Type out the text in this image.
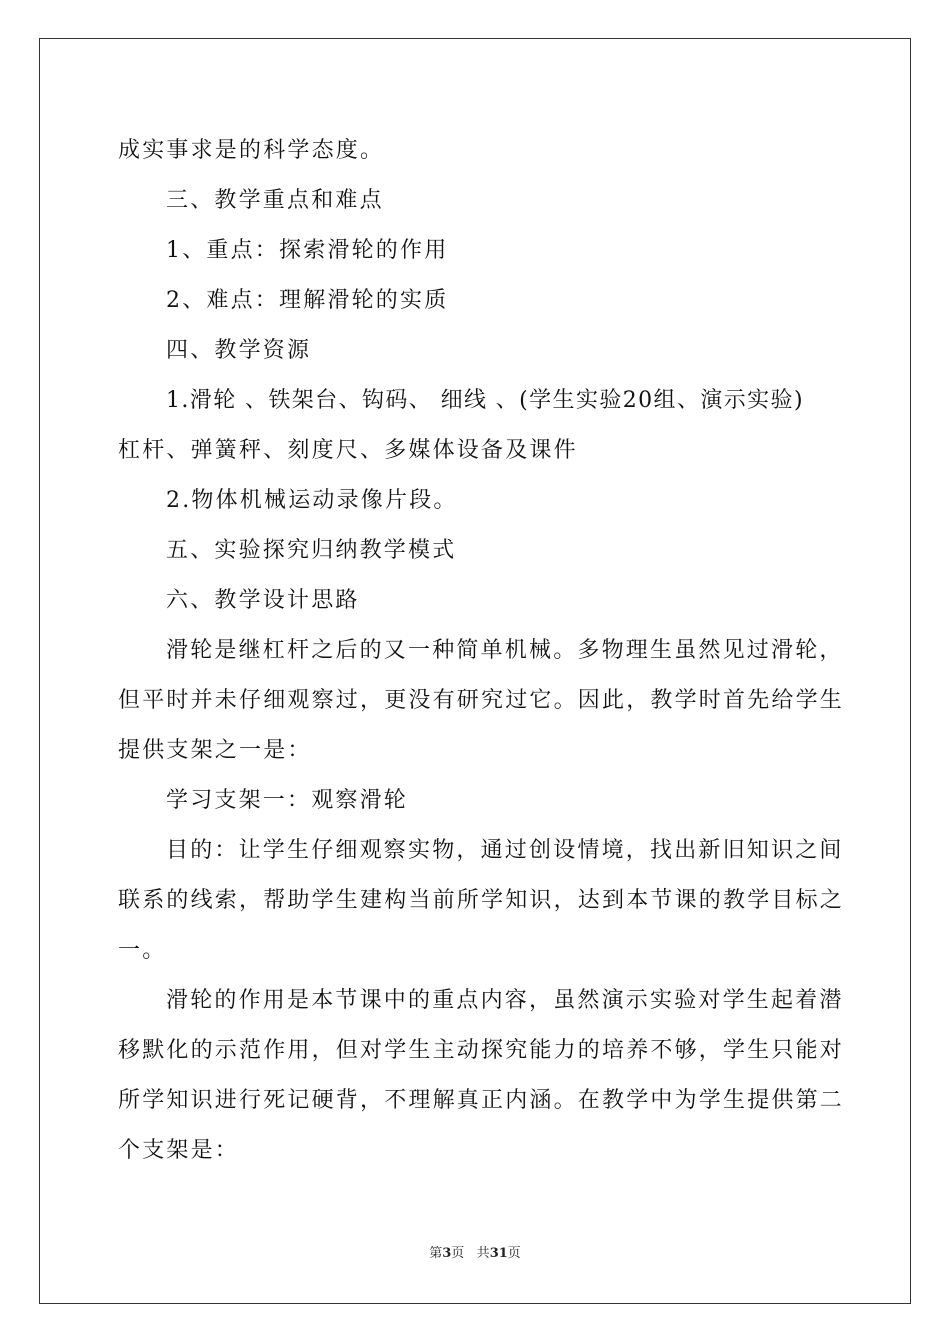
成实事求是的科学态度。
三、教学重点和难点
1、重点：探索滑轮的作用
2、难点：理解滑轮的实质
四、教学资源
1.滑轮 、铁架台、钩码、 细线 、(学生实验20组、演示实验)
杠杆、弹簧秤、刻度尺、多媒体设备及课件
2.物体机械运动录像片段。
五、实验探究归纳教学模式
六、教学设计思路
滑轮是继杠杆之后的又一种简单机械。多物理生虽然见过滑轮，
但平时并未仔细观察过，更没有研究过它。因此，教学时首先给学生
提供支架之一是：
学习支架一：观察滑轮
目的：让学生仔细观察实物，通过创设情境，找出新旧知识之间
联系的线索，帮助学生建构当前所学知识，达到本节课的教学目标之
一。
滑轮的作用是本节课中的重点内容，虽然演示实验对学生起着潜
移默化的示范作用，但对学生主动探究能力的培养不够，学生只能对
所学知识进行死记硬背，不理解真正内涵。在教学中为学生提供第二
个支架是：
第3页 共31页
